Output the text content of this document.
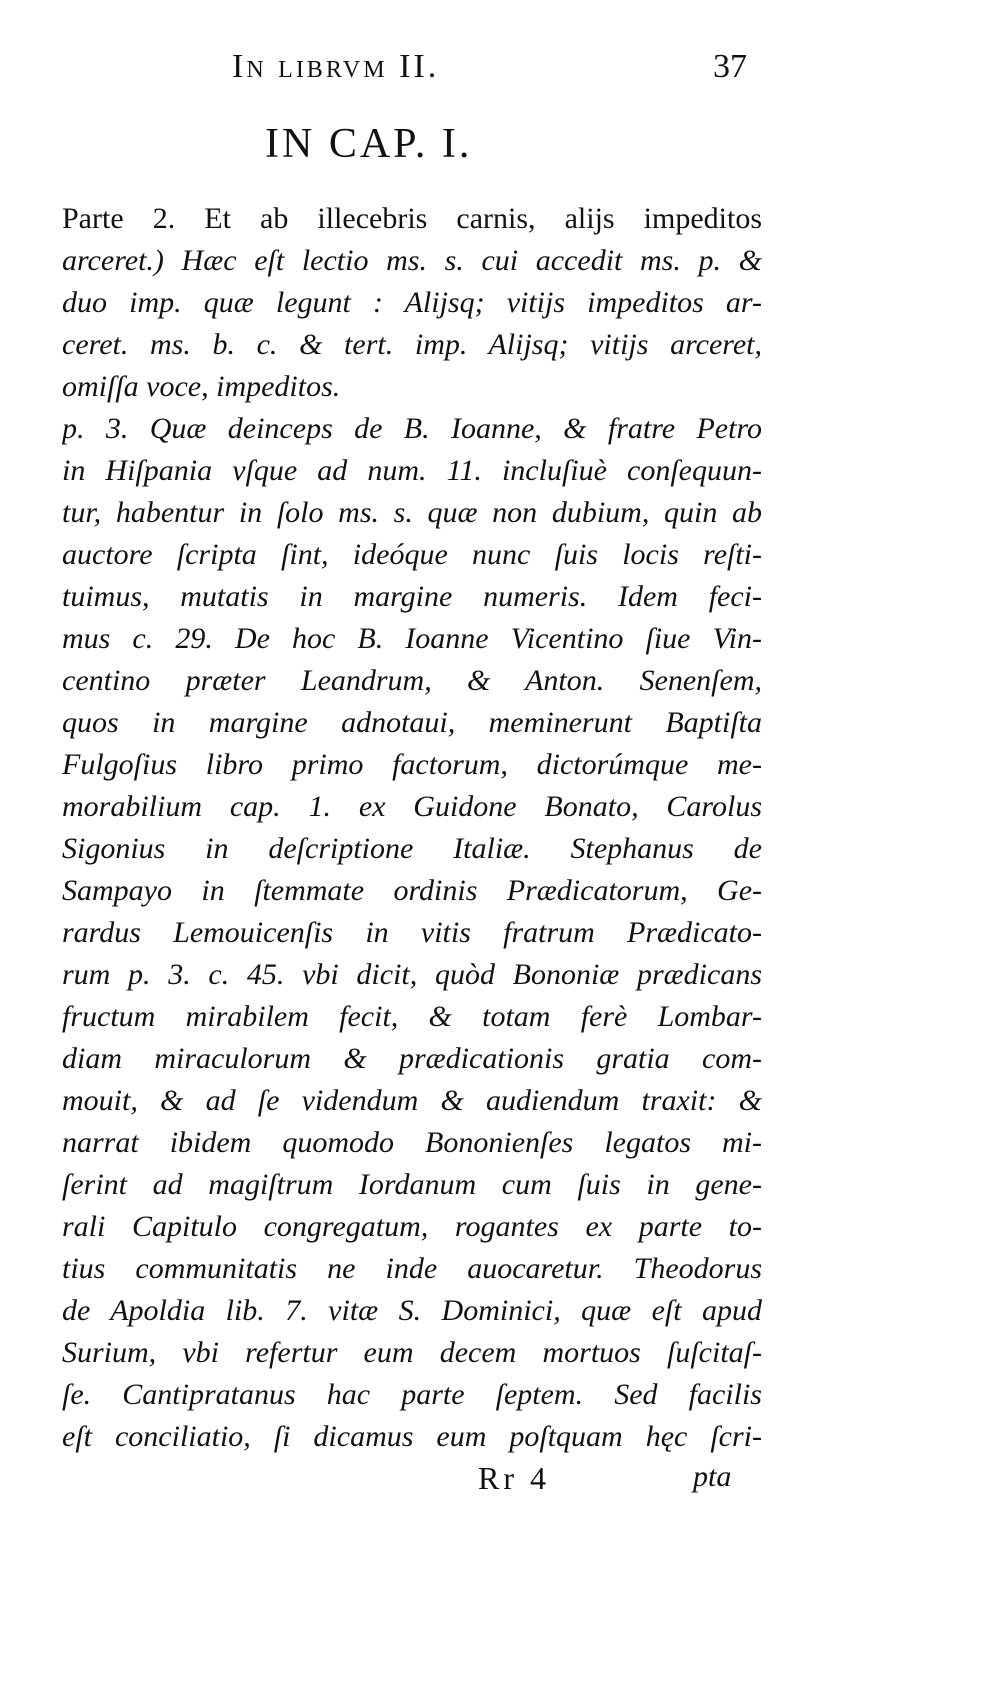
In librvm II.	37
IN CAP. I.
Parte 2. Et ab illecebris carnis, alijs impeditos
arceret.) Hæc eſt lectio ms. s. cui accedit ms. p. &
duo imp. quæ legunt : Alijsq; vitijs impeditos ar-
ceret. ms. b. c. & tert. imp. Alijsq; vitijs arceret,
omiſſa voce, impeditos.
p. 3. Quæ deinceps de B. Ioanne, & fratre Petro
in Hiſpania vſque ad num. 11. incluſiuè conſequun-
tur, habentur in ſolo ms. s. quæ non dubium, quin ab
auctore ſcripta ſint, ideóque nunc ſuis locis reſti-
tuimus, mutatis in margine numeris. Idem feci-
mus c. 29. De hoc B. Ioanne Vicentino ſiue Vin-
centino præter Leandrum, & Anton. Senenſem,
quos in margine adnotaui, meminerunt Baptiſta
Fulgoſius libro primo factorum, dictorúmque me-
morabilium cap. 1. ex Guidone Bonato, Carolus
Sigonius in deſcriptione Italiæ. Stephanus de
Sampayo in ſtemmate ordinis Prædicatorum, Ge-
rardus Lemouicenſis in vitis fratrum Prædicato-
rum p. 3. c. 45. vbi dicit, quòd Bononiæ prædicans
fructum mirabilem fecit, & totam ferè Lombar-
diam miraculorum & prædicationis gratia com-
mouit, & ad ſe videndum & audiendum traxit: &
narrat ibidem quomodo Bononienſes legatos mi-
ſerint ad magiſtrum Iordanum cum ſuis in gene-
rali Capitulo congregatum, rogantes ex parte to-
tius communitatis ne inde auocaretur. Theodorus
de Apoldia lib. 7. vitæ S. Dominici, quæ eſt apud
Surium, vbi refertur eum decem mortuos ſuſcitaſ-
ſe. Cantipratanus hac parte ſeptem. Sed facilis
eſt conciliatio, ſi dicamus eum poſtquam hęc ſcri-
Rr 4	pta
